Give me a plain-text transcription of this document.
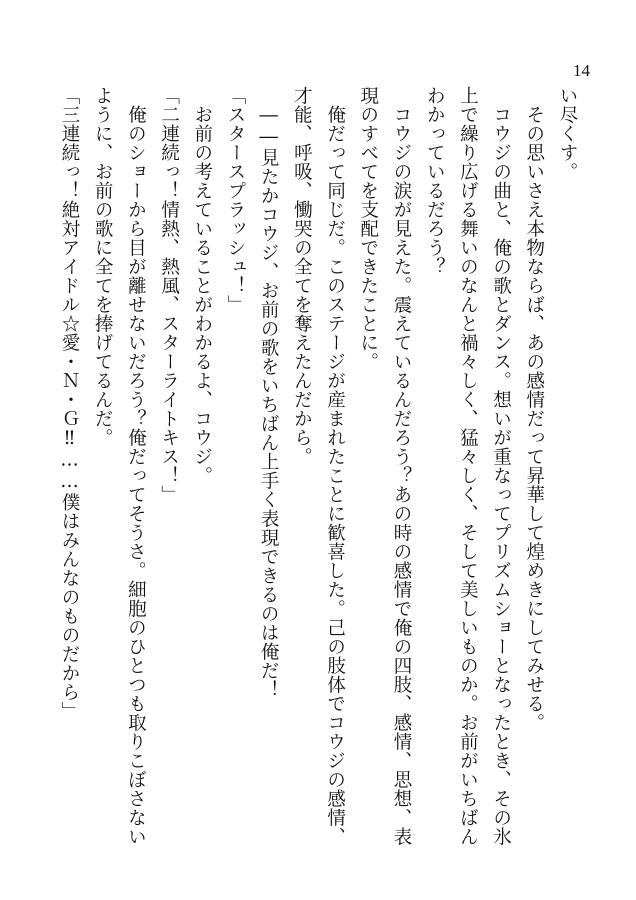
14
い尽くす。
　その思いさえ本物ならば、あの感情だって昇華して煌めきにしてみせる。
　コウジの曲と、俺の歌とダンス。想いが重なってプリズムショーとなったとき、その氷
上で繰り広げる舞いのなんと禍々しく、猛々しく、そして美しいものか。お前がいちばん
わかっているだろう？
　コウジの涙が見えた。震えているんだろう？あの時の感情で俺の四肢、感情、思想、表
現のすべてを支配できたことに。
　俺だって同じだ。このステージが産まれたことに歓喜した。己の肢体でコウジの感情、
才能、呼吸、慟哭の全てを奪えたんだから。
　――見たかコウジ、お前の歌をいちばん上手く表現できるのは俺だ！
「スタースプラッシュ！」
　お前の考えていることがわかるよ、コウジ。
「二連続っ！情熱、熱風、スターライトキス！」
　俺のショーから目が離せないだろう？俺だってそうさ。細胞のひとつも取りこぼさない
ように、お前の歌に全てを捧げてるんだ。
「三連続っ！絶対アイドル☆愛・Ｎ・Ｇ‼……僕はみんなのものだから」
